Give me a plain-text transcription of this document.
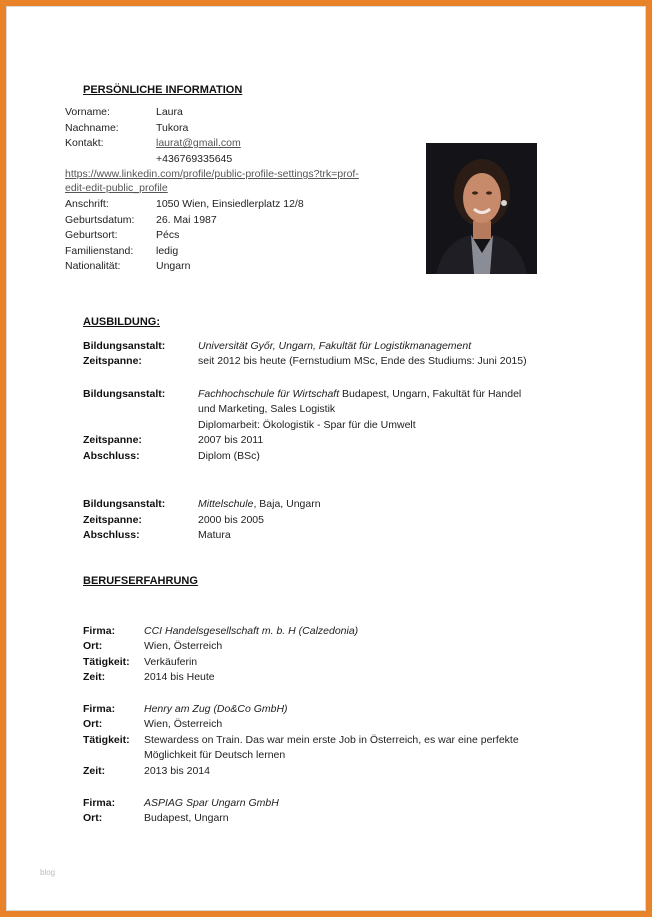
PERSÖNLICHE INFORMATION
Vorname:	Laura
Nachname:	Tukora
Kontakt:	laurat@gmail.com
+436769335645
https://www.linkedin.com/profile/public-profile-settings?trk=prof-
edit-edit-public_profile
Anschrift:	1050 Wien, Einsiedlerplatz 12/8
Geburtsdatum: 26. Mai 1987
Geburtsort:	Pécs
Familienstand: ledig
Nationalität:	Ungarn
AUSBILDUNG:
Bildungsanstalt:	Universität Győr, Ungarn, Fakultät für Logistikmanagement
Zeitspanne:	seit 2012 bis heute (Fernstudium MSc, Ende des Studiums: Juni 2015)
Bildungsanstalt:	Fachhochschule für Wirtschaft Budapest, Ungarn, Fakultät für Handel
und Marketing, Sales Logistik
Diplomarbeit: Ökologistik - Spar für die Umwelt
Zeitspanne:	2007 bis 2011
Abschluss:	Diplom (BSc)
Bildungsanstalt:	Mittelschule, Baja, Ungarn
Zeitspanne:	2000 bis 2005
Abschluss:	Matura
BERUFSERFAHRUNG
Firma:	CCI Handelsgesellschaft m. b. H (Calzedonia)
Ort:	Wien, Österreich
Tätigkeit: Verkäuferin
Zeit:	2014 bis Heute
Firma:	Henry am Zug (Do&Co GmbH)
Ort:	Wien, Österreich
Tätigkeit: Stewardess on Train. Das war mein erste Job in Österreich, es war eine perfekte
Möglichkeit für Deutsch lernen
Zeit:	2013 bis 2014
Firma:	ASPIAG Spar Ungarn GmbH
Ort:	Budapest, Ungarn
blog
